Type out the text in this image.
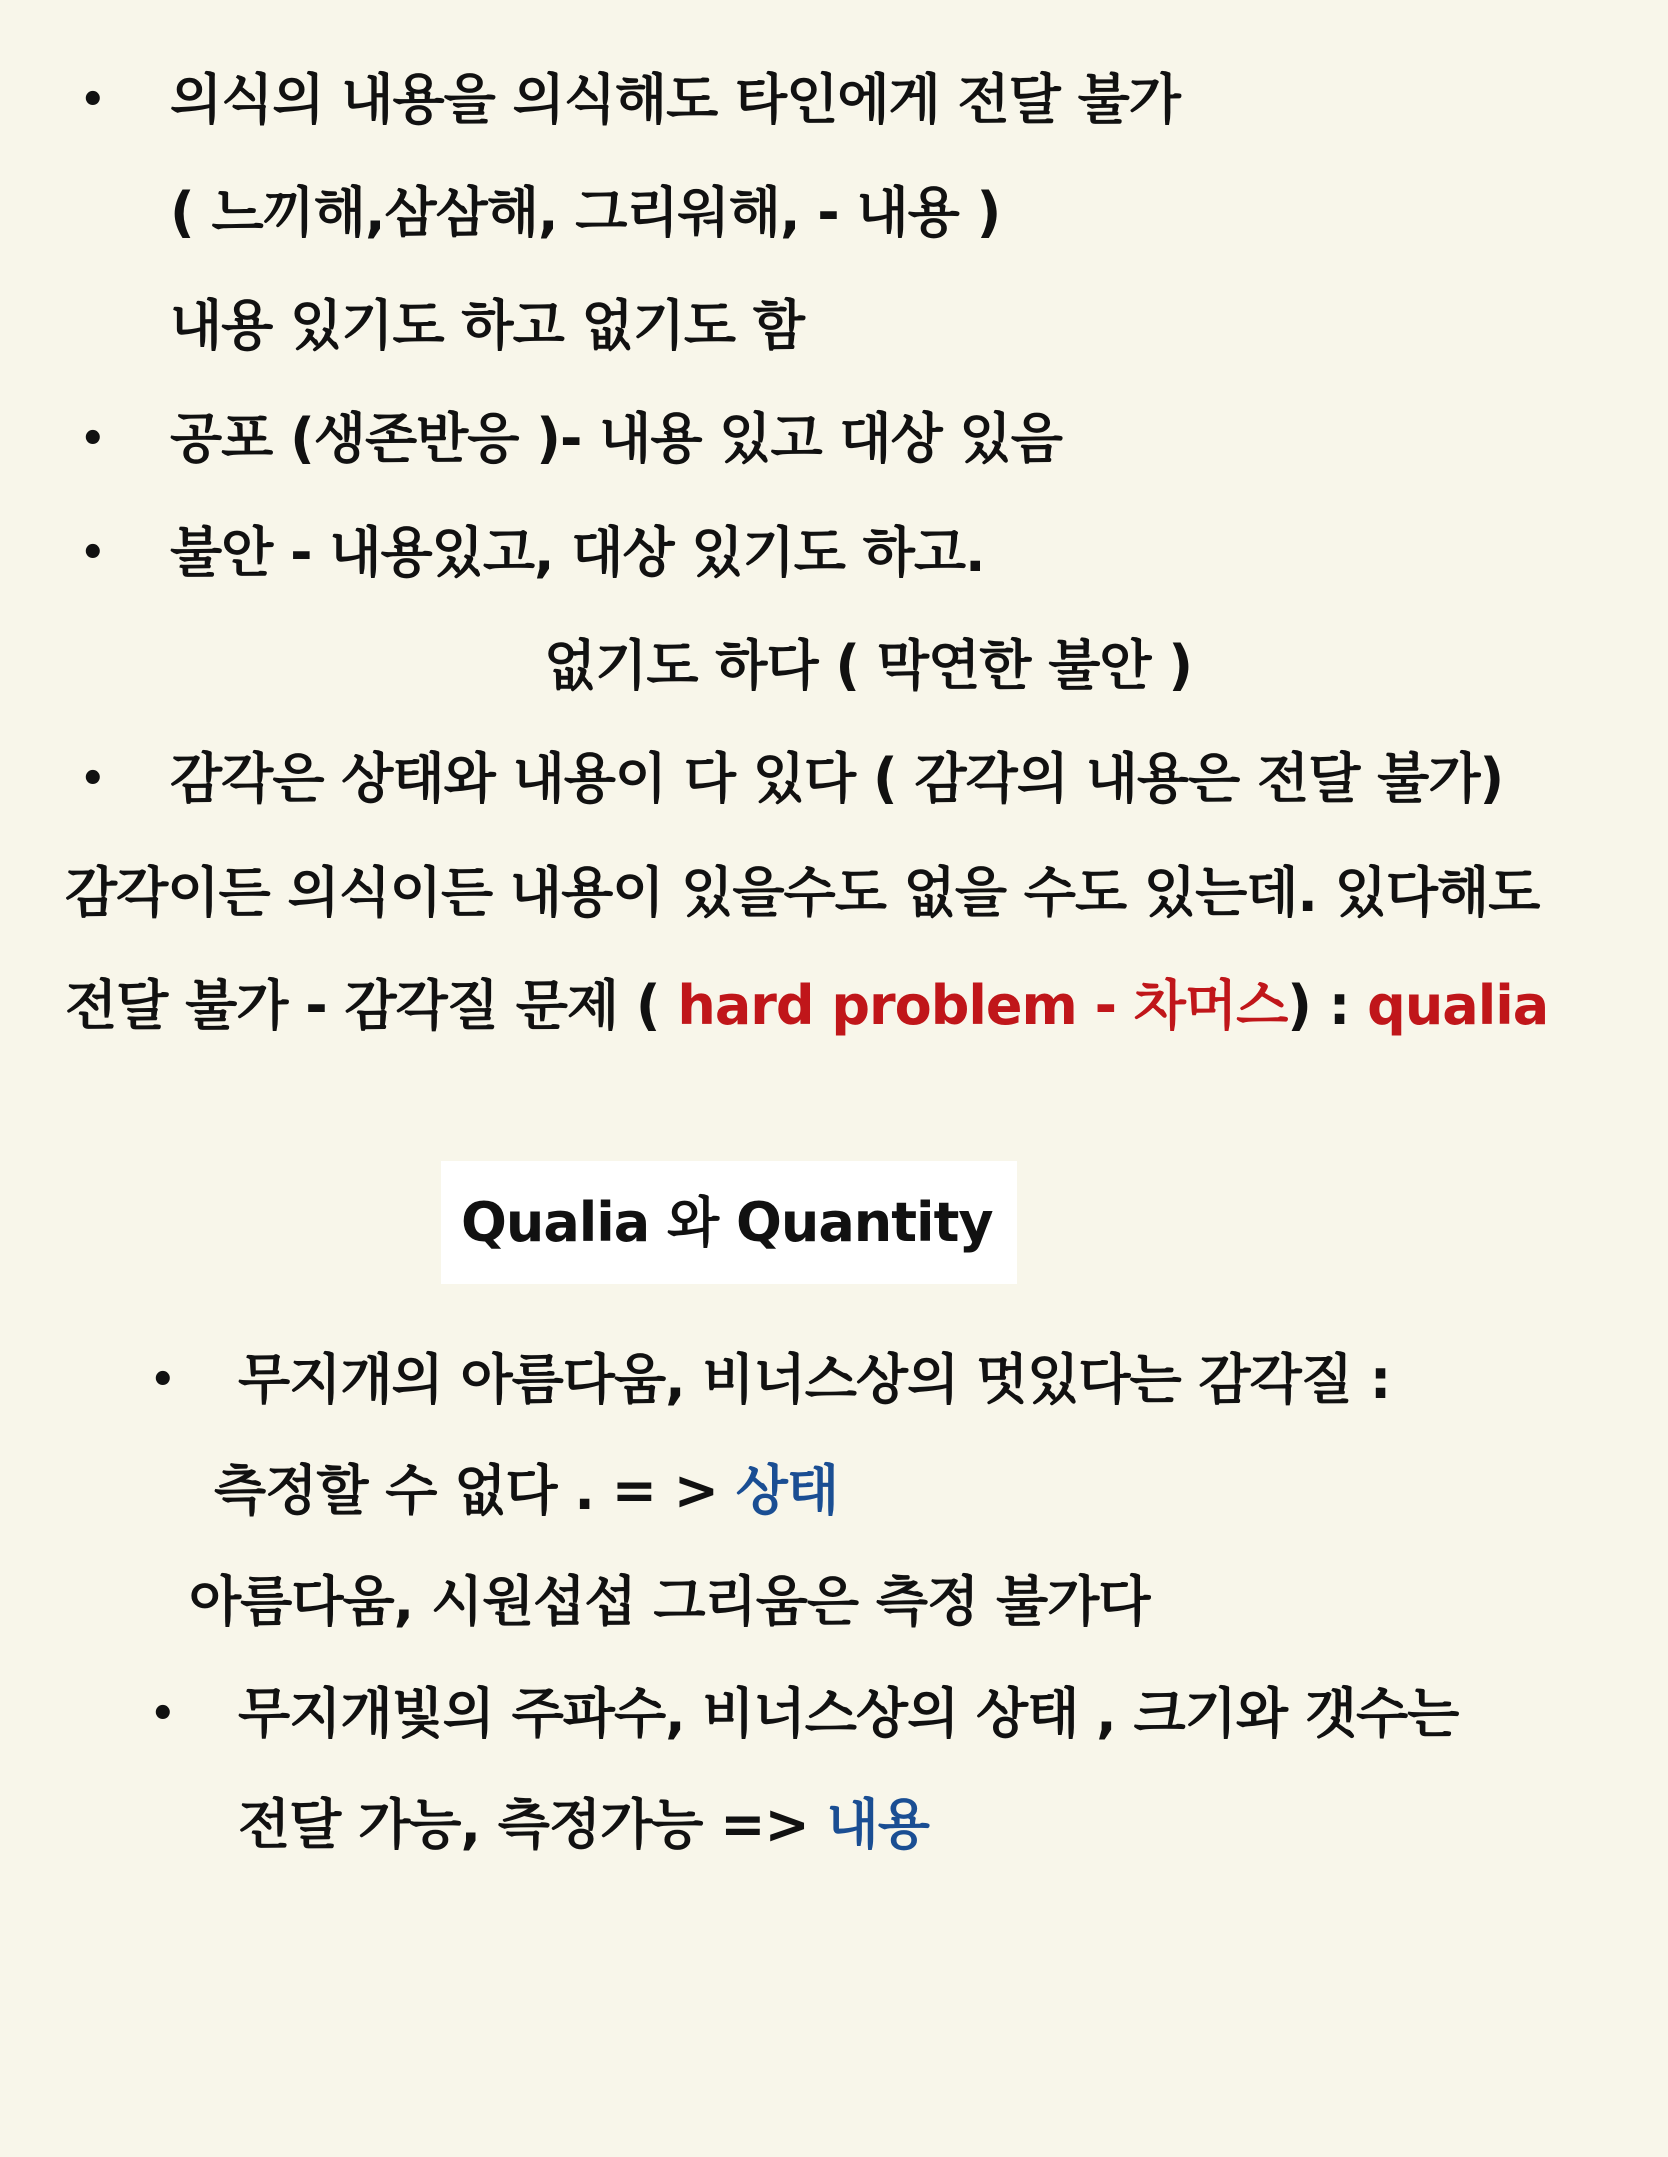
• 의식의 내용을 의식해도 타인에게 전달 불가
( 느끼해,삼삼해, 그리워해, - 내용 )
내용 있기도 하고 없기도 함
• 공포 (생존반응 )- 내용 있고 대상 있음
• 불안 - 내용있고, 대상 있기도 하고.
없기도 하다 ( 막연한 불안 )
• 감각은 상태와 내용이 다 있다 ( 감각의 내용은 전달 불가)
감각이든 의식이든 내용이 있을수도 없을 수도 있는데. 있다해도
전달 불가 - 감각질 문제 ( hard problem - 차머스) : qualia
Qualia 와 Quantity
• 무지개의 아름다움, 비너스상의 멋있다는 감각질 :
측정할 수 없다 . = > 상태
아름다움, 시원섭섭 그리움은 측정 불가다
• 무지개빛의 주파수, 비너스상의 상태 , 크기와 갯수는
전달 가능, 측정가능 => 내용
